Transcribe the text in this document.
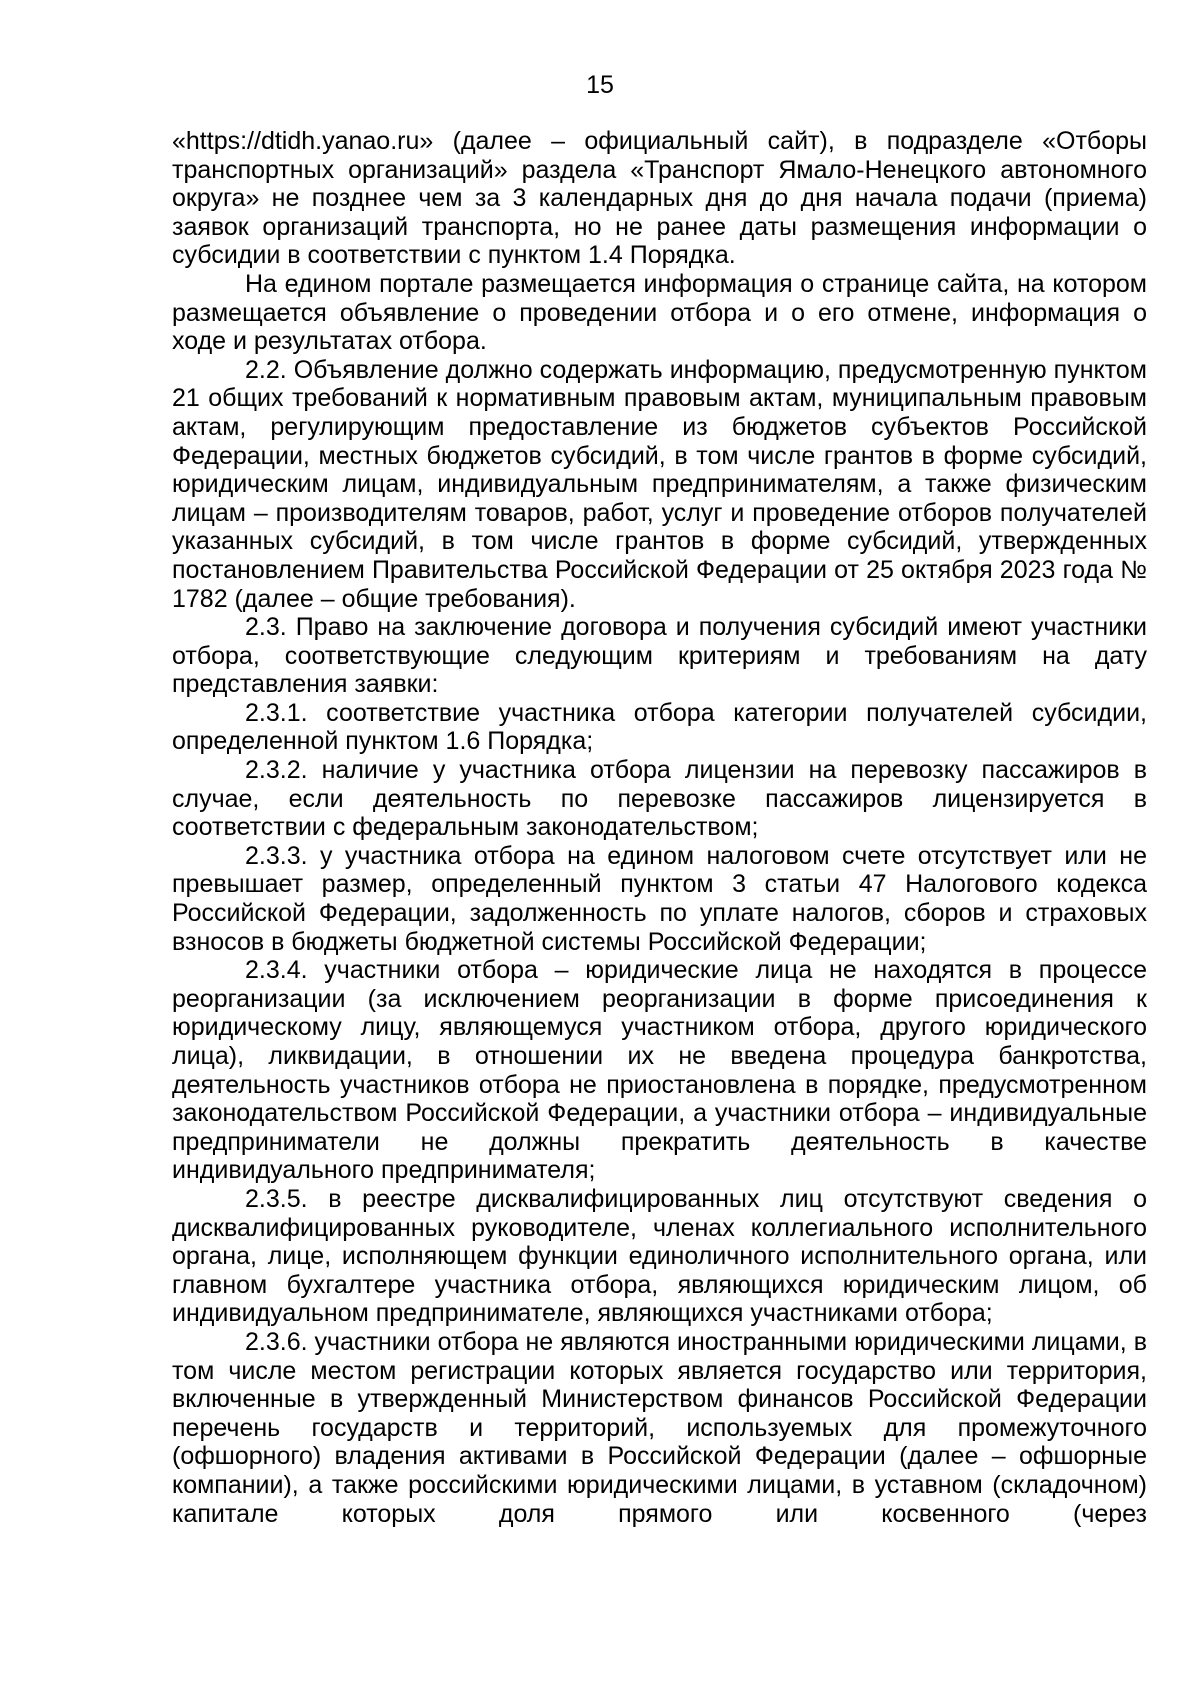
15

«https://dtidh.yanao.ru» (далее – официальный сайт), в подразделе «Отборы транспортных организаций» раздела «Транспорт Ямало-Ненецкого автономного округа» не позднее чем за 3 календарных дня до дня начала подачи (приема) заявок организаций транспорта, но не ранее даты размещения информации о субсидии в соответствии с пунктом 1.4 Порядка.

На едином портале размещается информация о странице сайта, на котором размещается объявление о проведении отбора и о его отмене, информация о ходе и результатах отбора.

2.2. Объявление должно содержать информацию, предусмотренную пунктом 21 общих требований к нормативным правовым актам, муниципальным правовым актам, регулирующим предоставление из бюджетов субъектов Российской Федерации, местных бюджетов субсидий, в том числе грантов в форме субсидий, юридическим лицам, индивидуальным предпринимателям, а также физическим лицам – производителям товаров, работ, услуг и проведение отборов получателей указанных субсидий, в том числе грантов в форме субсидий, утвержденных постановлением Правительства Российской Федерации от 25 октября 2023 года № 1782 (далее – общие требования).

2.3. Право на заключение договора и получения субсидий имеют участники отбора, соответствующие следующим критериям и требованиям на дату представления заявки:

2.3.1. соответствие участника отбора категории получателей субсидии, определенной пунктом 1.6 Порядка;

2.3.2. наличие у участника отбора лицензии на перевозку пассажиров в случае, если деятельность по перевозке пассажиров лицензируется в соответствии с федеральным законодательством;

2.3.3. у участника отбора на едином налоговом счете отсутствует или не превышает размер, определенный пунктом 3 статьи 47 Налогового кодекса Российской Федерации, задолженность по уплате налогов, сборов и страховых взносов в бюджеты бюджетной системы Российской Федерации;

2.3.4. участники отбора – юридические лица не находятся в процессе реорганизации (за исключением реорганизации в форме присоединения к юридическому лицу, являющемуся участником отбора, другого юридического лица), ликвидации, в отношении их не введена процедура банкротства, деятельность участников отбора не приостановлена в порядке, предусмотренном законодательством Российской Федерации, а участники отбора – индивидуальные предприниматели не должны прекратить деятельность в качестве индивидуального предпринимателя;

2.3.5. в реестре дисквалифицированных лиц отсутствуют сведения о дисквалифицированных руководителе, членах коллегиального исполнительного органа, лице, исполняющем функции единоличного исполнительного органа, или главном бухгалтере участника отбора, являющихся юридическим лицом, об индивидуальном предпринимателе, являющихся участниками отбора;

2.3.6. участники отбора не являются иностранными юридическими лицами, в том числе местом регистрации которых является государство или территория, включенные в утвержденный Министерством финансов Российской Федерации перечень государств и территорий, используемых для промежуточного (офшорного) владения активами в Российской Федерации (далее – офшорные компании), а также российскими юридическими лицами, в уставном (складочном) капитале которых доля прямого или косвенного (через
